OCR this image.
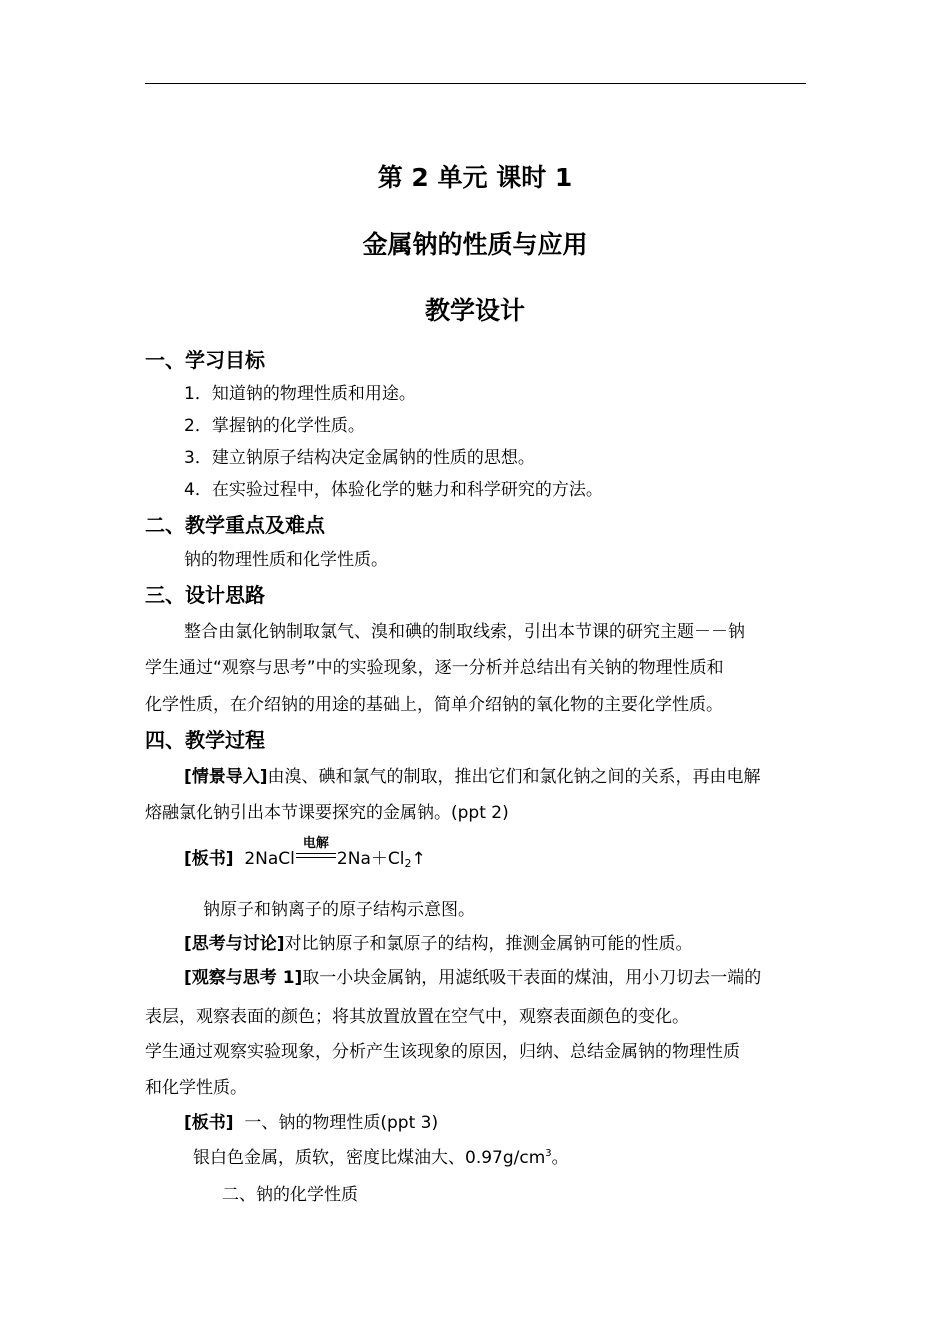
第 2 单元 课时 1
金属钠的性质与应用
教学设计
一、学习目标
1．知道钠的物理性质和用途。
2．掌握钠的化学性质。
3．建立钠原子结构决定金属钠的性质的思想。
4．在实验过程中，体验化学的魅力和科学研究的方法。
二、教学重点及难点
钠的物理性质和化学性质。
三、设计思路
整合由氯化钠制取氯气、溴和碘的制取线索，引出本节课的研究主题－－钠
学生通过“观察与思考”中的实验现象，逐一分析并总结出有关钠的物理性质和
化学性质，在介绍钠的用途的基础上，简单介绍钠的氧化物的主要化学性质。
四、教学过程
[情景导入]由溴、碘和氯气的制取，推出它们和氯化钠之间的关系，再由电解
熔融氯化钠引出本节课要探究的金属钠。(ppt 2)
[板书] 2NaCl
电解
$2Na+Cl_2↑$
钠原子和钠离子的原子结构示意图。
[思考与讨论]对比钠原子和氯原子的结构，推测金属钠可能的性质。
[观察与思考 1]取一小块金属钠，用滤纸吸干表面的煤油，用小刀切去一端的
表层，观察表面的颜色；将其放置放置在空气中，观察表面颜色的变化。
学生通过观察实验现象，分析产生该现象的原因，归纳、总结金属钠的物理性质
和化学性质。
[板书] 一、钠的物理性质(ppt 3)
银白色金属，质软，密度比煤油大、$0.97g/cm^3$。
二、钠的化学性质
